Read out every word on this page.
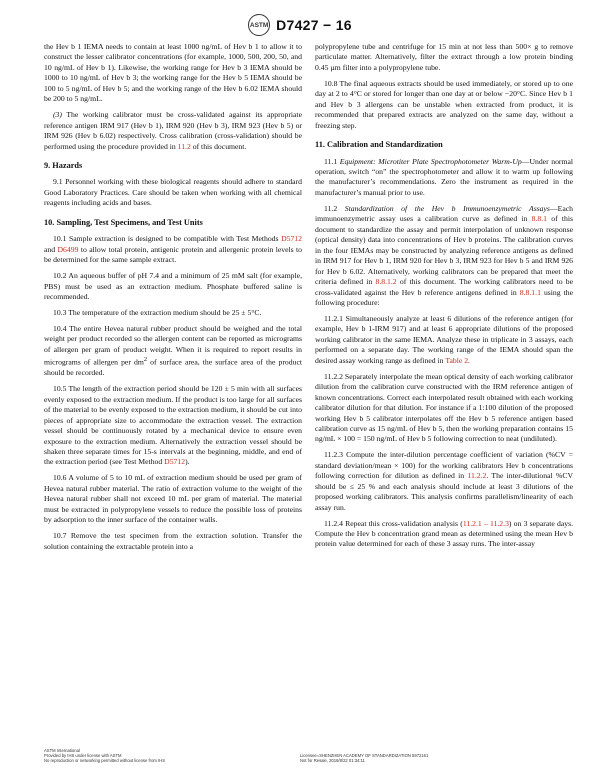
ASTM D7427 − 16

the Hev b 1 IEMA needs to contain at least 1000 ng/mL of Hev b 1 to allow it to construct the lesser calibrator concentrations (for example, 1000, 500, 200, 50, and 10 ng/mL of Hev b 1). Likewise, the working range for Hev b 3 IEMA should be 1000 to 10 ng/mL of Hev b 3; the working range for the Hev b 5 IEMA should be 100 to 5 ng/mL of Hev b 5; and the working range of the Hev b 6.02 IEMA should be 200 to 5 ng/mL.

(3) The working calibrator must be cross-validated against its appropriate reference antigen IRM 917 (Hev b 1), IRM 920 (Hev b 3), IRM 923 (Hev b 5) or IRM 926 (Hev b 6.02) respectively. Cross calibration (cross-validation) should be performed using the procedure provided in 11.2 of this document.

9. Hazards

9.1 Personnel working with these biological reagents should adhere to standard Good Laboratory Practices. Care should be taken when working with all chemical reagents including acids and bases.

10. Sampling, Test Specimens, and Test Units

10.1 Sample extraction is designed to be compatible with Test Methods D5712 and D6499 to allow total protein, antigenic protein and allergenic protein levels to be determined for the same sample extract.

10.2 An aqueous buffer of pH 7.4 and a minimum of 25 mM salt (for example, PBS) must be used as an extraction medium. Phosphate buffered saline is recommended.

10.3 The temperature of the extraction medium should be 25 ± 5°C.

10.4 The entire Hevea natural rubber product should be weighed and the total weight per product recorded so the allergen content can be reported as micrograms of allergen per gram of product weight. When it is required to report results in micrograms of allergen per $dm^2$ of surface area, the surface area of the product should be recorded.

10.5 The length of the extraction period should be 120 ± 5 min with all surfaces evenly exposed to the extraction medium. If the product is too large for all surfaces of the material to be evenly exposed to the extraction medium, it should be cut into pieces of appropriate size to accommodate the extraction vessel. The extraction vessel should be continuously rotated by a mechanical device to ensure even exposure to the extraction medium. Alternatively the extraction vessel should be shaken three separate times for 15-s intervals at the beginning, middle, and end of the extraction period (see Test Method D5712).

10.6 A volume of 5 to 10 mL of extraction medium should be used per gram of Hevea natural rubber material. The ratio of extraction volume to the weight of the Hevea natural rubber shall not exceed 10 mL per gram of material. The material must be extracted in polypropylene vessels to reduce the possible loss of proteins by adsorption to the inner surface of the container walls.

10.7 Remove the test specimen from the extraction solution. Transfer the solution containing the extractable protein into a

polypropylene tube and centrifuge for 15 min at not less than 500× g to remove particulate matter. Alternatively, filter the extract through a low protein binding 0.45 µm filter into a polypropylene tube.

10.8 The final aqueous extracts should be used immediately, or stored up to one day at 2 to 4°C or stored for longer than one day at or below −20°C. Since Hev b 1 and Hev b 3 allergens can be unstable when extracted from product, it is recommended that prepared extracts are analyzed on the same day, without a freezing step.

11. Calibration and Standardization

11.1 Equipment: Microtiter Plate Spectrophotometer Warm-Up—Under normal operation, switch “on” the spectrophotometer and allow it to warm up following the manufacturer’s recommendations. Zero the instrument as required in the manufacturer’s manual prior to use.

11.2 Standardization of the Hev b Immunoenzymetric Assays—Each immunoenzymetric assay uses a calibration curve as defined in 8.8.1 of this document to standardize the assay and permit interpolation of unknown response (optical density) data into concentrations of Hev b proteins. The calibration curves in the four IEMAs may be constructed by analyzing reference antigens as defined in IRM 917 for Hev b 1, IRM 920 for Hev b 3, IRM 923 for Hev b 5 and IRM 926 for Hev b 6.02. Alternatively, working calibrators can be prepared that meet the criteria defined in 8.8.1.2 of this document. The working calibrators need to be cross-validated against the Hev b reference antigens defined in 8.8.1.1 using the following procedure:

11.2.1 Simultaneously analyze at least 6 dilutions of the reference antigen (for example, Hev b 1-IRM 917) and at least 6 appropriate dilutions of the proposed working calibrator in the same IEMA. Analyze these in triplicate in 3 assays, each performed on a separate day. The working range of the IEMA should span the desired assay working range as defined in Table 2.

11.2.2 Separately interpolate the mean optical density of each working calibrator dilution from the calibration curve constructed with the IRM reference antigen of known concentrations. Correct each interpolated result obtained with each working calibrator dilution for that dilution. For instance if a 1:100 dilution of the proposed working Hev b 5 calibrator interpolates off the Hev b 5 reference antigen based calibration curve as 15 ng/mL of Hev b 5, then the working preparation contains 15 ng/mL × 100 = 150 ng/mL of Hev b 5 following correction to neat (undiluted).

11.2.3 Compute the inter-dilution percentage coefficient of variation (%CV = standard deviation/mean × 100) for the working calibrators Hev b concentrations following correction for dilution as defined in 11.2.2. The inter-dilutional %CV should be ≤ 25 % and each analysis should include at least 3 dilutions of the proposed working calibrators. This analysis confirms parallelism/linearity of each assay run.

11.2.4 Repeat this cross-validation analysis (11.2.1 – 11.2.3) on 3 separate days. Compute the Hev b concentration grand mean as determined using the mean Hev b protein value determined for each of these 3 assay runs. The inter-assay

ASTM International
Provided by IHS under license with ASTM
No reproduction or networking permitted without license from IHS
Licensee=SHENZHEN ACADEMY OF STANDARDIZATION 5972161
Not for Resale, 2016/8/22 01:34:11
